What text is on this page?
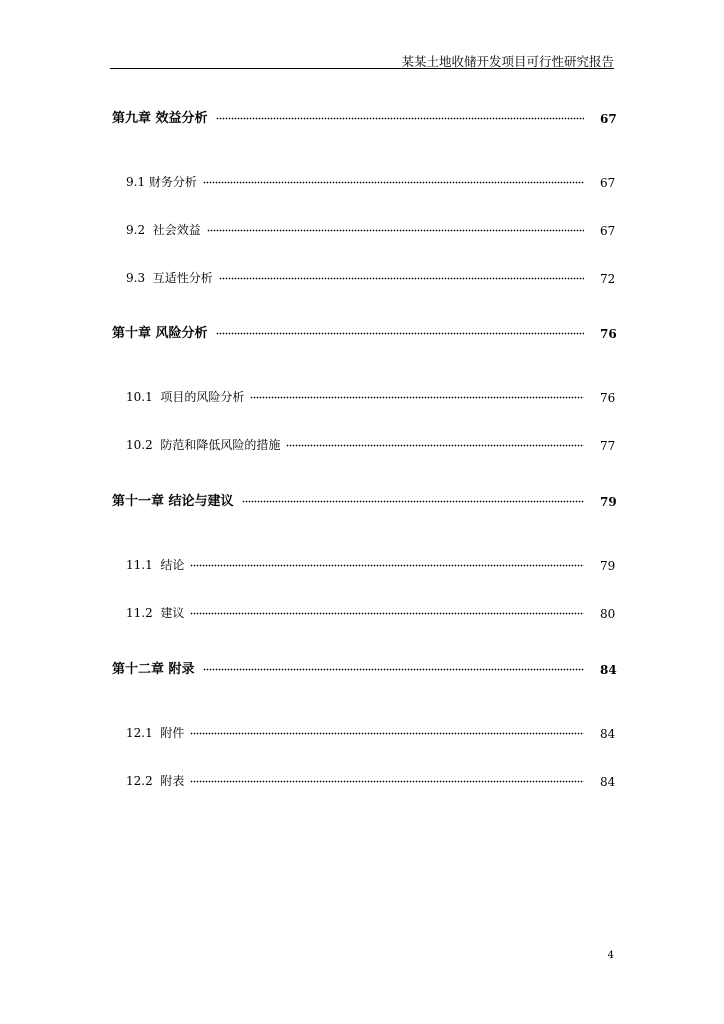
某某土地收储开发项目可行性研究报告
第九章 效益分析	67
9.1 财务分析	67
9.2  社会效益	67
9.3  互适性分析	72
第十章 风险分析	76
10.1  项目的风险分析	76
10.2  防范和降低风险的措施	77
第十一章 结论与建议	79
11.1  结论	79
11.2  建议	80
第十二章 附录	84
12.1  附件	84
12.2  附表	84
4
